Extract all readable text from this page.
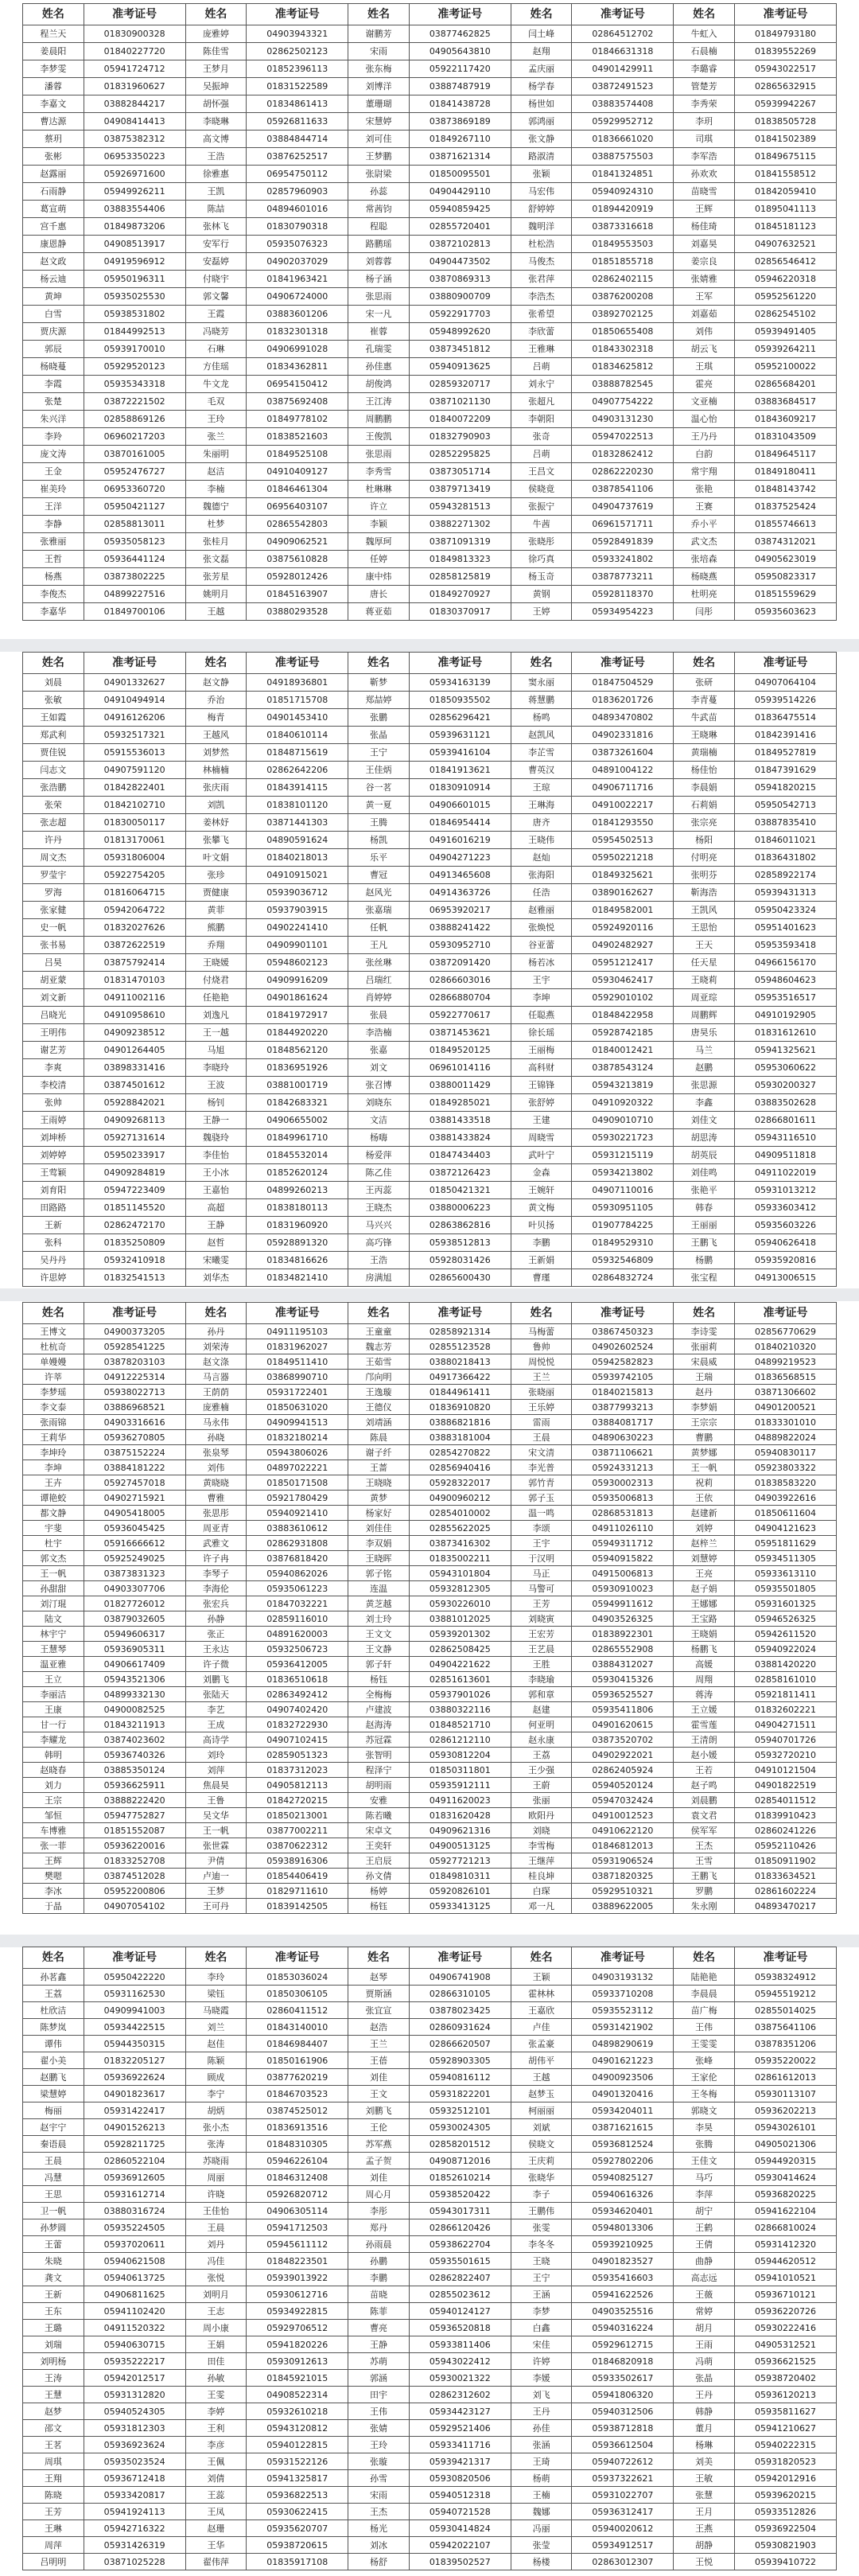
姓名	准考证号	姓名	准考证号	姓名	准考证号	姓名	准考证号	姓名	准考证号
程兰天	01830900328	庞雅婷	04903943321	谢鹏芳	03877462825	闫土峰	02864512702	牛虹入	01849793180
姜晨阳	01840227720	陈佳雪	02862502123	宋雨	04905643810	赵翔	01846631318	石晨楠	01839552269
李梦雯	05941724712	王梦月	01852396113	张东梅	05922117420	孟庆丽	04901429911	李璐睿	05943022517
潘蓉	01831960627	吴振坤	01831522589	刘博洋	03887487919	杨学春	03872491523	管楚芳	02865632915
李嘉文	03882844217	胡怀强	01834861413	董珊瑚	01841438728	杨世如	03883574408	李秀荣	05939942267
曹达源	04908414413	李晓琳	05926811633	宋慧婷	03873869189	郭鸿丽	05929952712	李玥	01838505728
蔡玥	03875382312	高文博	03884844714	刘可佳	01849267110	张文静	01836661020	司琪	01841502389
张彬	06953350223	王浩	03876252517	王梦鹏	03871621314	路淑清	03887575503	李军浩	01849675115
赵露丽	05926971600	徐雅惠	06954750112	张尉梁	01850095501	张颖	01841324851	孙欢欢	01841558512
石雨静	05949926211	王凯	02857960903	孙蕊	04904429110	马宏伟	05940924310	苗晓雪	01842059410
葛宣萌	03883554406	陈喆	04894601016	常茜钧	05940859425	舒婷婷	01894420919	王辉	01895041113
宫千惠	01849873206	张林飞	01830790318	程聪	02855720401	魏明洋	03873316618	杨佳琦	01845181123
康恩静	04908513917	安军行	05935076323	路鹏瑶	03872102813	杜松浩	01849553503	刘嘉昊	04907632521
赵文政	04919596912	安磊婷	04902037029	刘蓉蓉	04904473502	马俊杰	01851855718	姜宗良	02856546412
杨云迪	05950196311	付晓宇	01841963421	杨子涵	03870869313	张君萍	02862402115	张婧雅	05946220318
黄坤	05935025530	郭文馨	04906724000	张思雨	03880900709	李浩杰	03876200208	王军	05952561220
白雪	05938531802	王霞	03883601206	宋一凡	05922917703	张希望	03892702125	刘嘉茹	02862545102
贾庆源	01844992513	冯晓芳	01832301318	崔蓉	05948992620	李欣蕾	01850655408	刘伟	05939491405
郭辰	05939170010	石琳	04906991028	孔瑞雯	03873451812	王雅琳	01843302318	胡云飞	05939264211
杨晓蔓	05929520123	方佳瑶	01834362811	孙佳惠	05940913625	吕萌	01834625812	王琪	05952100022
李霞	05935343318	牛文龙	06954150412	胡俊鸿	02859320717	刘永宁	03888782545	霍亮	02865684201
张楚	03872221502	毛双	03875692408	王江涛	03871021130	张超凡	04907754222	文亚楠	03883684517
朱兴洋	02858869126	王玲	01849778102	周鹏鹏	01840072209	李朝阳	04903131230	温心怡	01843609217
李羚	06960217203	张兰	01838521603	王俊凯	01832790903	张奇	05947022513	王乃丹	01831043509
庞文涛	03870161005	朱丽明	01849525108	张思雨	02852295825	吕萌	01832862412	白韵	01849645117
王金	05952476727	赵洁	04910409127	李秀雪	03873051714	王昌文	02862220230	常宇翔	01849180411
崔美玲	06953360720	李楠	01846461304	杜琳琳	03879713419	侯晓竟	03878541106	张艳	01848143742
王洋	05950421127	魏德宁	06956403107	许立	05943281513	张振宁	04904737619	王赛	01837525424
李静	02858813011	杜梦	02865542803	李颖	03882271302	牛茜	06961571711	乔小平	01855746613
张雅丽	05935058123	张桂月	04909062521	魏厚珂	03871091319	张晓彤	05928491839	武文杰	03874312021
王哲	05936441124	张文磊	03875610828	任婷	01849813323	徐巧真	05933241802	张培森	04905623019
杨燕	03873802225	张芳星	05928012426	康中炜	02858125819	杨玉奇	03878773211	杨晓燕	05950823317
李俊杰	04899227516	姚明月	01845163907	唐长	01849270927	黄钢	05928118370	杜明亮	01851559629
李嘉华	01849700106	王越	03880293528	蒋亚茹	01830370917	王婷	05934954223	闫彤	05935603623
姓名	准考证号	姓名	准考证号	姓名	准考证号	姓名	准考证号	姓名	准考证号
刘晨	04901332627	赵文静	04918936801	靳梦	05934163139	窦永丽	01847504529	张研	04907064104
张敏	04910494914	乔治	01851715708	郑喆婷	01850935502	蒋慧鹏	01836201726	李青蔓	05939514226
王如霞	04916126206	梅青	04901453410	张鹏	02856296421	杨鸣	04893470802	牛武苗	01836475514
郑武利	05932517321	王越风	01840610114	张晶	05939631121	赵凯风	04902331816	王晓琳	01842391416
贾佳锐	05915536013	刘梦然	01848715619	王宁	05939416104	李芷雪	03873261604	黄瑞楠	01849527819
闫志文	04907591120	林楠楠	02862642206	王佳炳	01841913621	曹英汉	04891004122	杨佳怡	01847391629
张浩鹏	01842822401	张庆雨	01843914115	谷一茗	01830910914	王琼	04906711716	李晨娟	05941820215
张荣	01842102710	刘凯	01838101120	黄一夏	04906601015	王琳海	04910022217	石莉娟	05950542713
张志超	01830050117	姜林妤	03871441303	王腾	01846954414	唐齐	01841293550	张宗亮	03887835410
许丹	01813170061	张攀飞	04890591624	杨凯	04916016219	王晓伟	05954502513	杨阳	01846011021
周文杰	05931806004	叶文娟	01840218013	乐平	04904271223	赵灿	05950221218	付明亮	01836431802
罗莹宇	05922754205	张珍	04910915021	曹冠	04913465608	张海阳	01849325621	张明芬	02858922174
罗海	01816064715	贾健康	05939036712	赵风光	04914363726	任浩	03890162627	靳海浩	05939431313
张家健	05942064722	黄菲	05937903915	张嘉瑞	06953920217	赵雅丽	01849582001	王凯风	05950423324
史一帆	01832027626	熊鹏	04902241410	任帆	03888241422	张焕悦	05924920116	王思怡	05951401623
张书易	03872622519	乔翔	04909901101	王凡	05930952710	谷亚蕾	04902482927	王天	05953593418
吕昊	03875792414	王晓媛	05948602123	张丝琳	03872091420	杨若冰	05951212417	任天星	04966156170
胡亚蒙	01831470103	付烧君	04909916209	吕瑞红	02866603016	王宇	05930462417	王晓莉	05948604623
刘文新	04911002116	任艳艳	04901861624	肖婷婷	02866880704	李坤	05929010102	周亚琮	05953516517
吕晓光	04910958610	刘逸凡	01841972917	张晨	05922770617	任聪燕	01848422958	周鹏辉	04910192905
王明伟	04909238512	王一越	01844920220	李浩楠	03871453621	徐长瑶	05928742185	唐昊乐	01831612610
谢艺芳	04901264405	马旭	01848562120	张嘉	01849520125	王丽梅	01840012421	马兰	05941325621
李爽	03898331416	李晓玲	01836951926	刘文	06961014116	高科财	03878543124	赵鹏	05953060622
李校清	03874501612	王波	03881001719	张召博	03880011429	王锦锋	05943213819	张思源	05930200327
张帅	05928842021	杨钊	01842683321	刘晓东	01849285021	张舒婷	04910920322	李鑫	03883502628
王雨婷	04909268113	王静一	04906655002	文洁	03881433518	王建	04909010710	刘佳文	02866801611
刘坤桥	05927131614	魏骁玲	01849961710	杨嗨	03881433824	周晓雪	05930221723	胡思涛	05943116510
刘婷婷	05950233917	李佳怡	01845532014	杨爱萍	01847434403	武叶宁	05931215119	胡英辰	04909511818
王莺颖	04909284819	王小冰	01852620124	陈乙佳	03872126423	金森	05934213802	刘佳鸣	04911022019
刘育阳	05947223409	王嘉怡	04899260213	王丙蕊	01850421321	王婉轩	04907110016	张艳平	05931013212
田路路	01851145520	高超	01838180113	王晓杰	03880006223	黄文梅	05930951105	韩春	05933603412
王新	02862472170	王静	01831960920	马兴兴	02863862816	叶贝扬	01907784225	王丽丽	05935603226
张科	01835250809	赵哲	05928891320	高巧锋	05938512813	李鹏	01849529310	王鹏飞	05940626418
吴丹丹	05932410918	宋曦雯	01834816626	王浩	05928031426	王新娟	05932546809	杨鹏	05935920816
许思婷	01832541513	刘华杰	01834821410	房满旭	02865600430	曹瑾	02864832724	张宝程	04913006515
姓名	准考证号	姓名	准考证号	姓名	准考证号	姓名	准考证号	姓名	准考证号
王博文	04900373205	孙丹	04911195103	王童童	02858921314	马梅蕾	03867450323	李诗雯	02856770629
杜杭奇	05928541225	刘荣涛	01831962027	魏志芳	02855123528	鲁帅	04902602524	张丽莉	01840210320
单嫚嫚	03878203103	赵文涤	01849511410	王茹雪	03880218413	周悦悦	05942582823	宋晨威	04899219523
许莘	04912225314	马言器	03868990710	邝向明	04917366422	王兰	05939742105	王瑞	01836568515
李梦瑶	05938022713	王荫荫	05931722401	王逸璇	01844961411	张晓丽	01840215813	赵丹	03871306602
李文泰	03886968521	庞雅楠	01850631020	王德仪	01836910820	王乐婷	03877993213	李梦娟	04901200521
张雨锦	04903316616	马永伟	04909941513	刘靖涵	03886821816	雷雨	03884081717	王宗宗	01833301010
王莉华	05936270805	孙晓	01832180214	陈晨	03883181004	王晨	04890630223	曹鹏	04889822024
李坤玲	03875152224	张泉琴	05943806026	谢子纤	02854270822	宋文清	03871106621	黄梦娜	05940830117
李坤	03884181222	刘伟	04897022221	王蔷	02856940416	李光普	05924331213	王一帆	05923803322
王卉	05927457018	黄晓晓	01850171508	王晓晓	05928322017	郭竹青	05930002313	祝莉	01838583220
谭艳蛟	04902715921	曹雅	05921780429	黄梦	04900960212	郭子玉	05935006813	王依	04903922616
都文静	04905418005	张思彤	05940921410	杨家好	02854010002	温一鸣	02868531813	赵建新	01850611604
宇斐	05936045425	周亚青	03883610612	刘佳佳	02855622025	李颂	04911026110	刘婷	04904121623
杜宇	05916666612	武雅文	02862931808	李双娟	03873416302	王宇	05949311712	赵梓兰	05951811629
郭文杰	05925249025	许子冉	03876818420	王晓晖	01835002211	于汉明	05940915822	刘慧婷	05934511305
王一帆	03873831323	李琴子	05940862026	郭子铭	05943101804	马正	04915006813	王亮	05933613110
孙甜甜	04903307706	李海伦	05935061223	连温	05932812305	马警可	05930910023	赵子娟	05935501805
刘汀琨	01827726012	张宏兵	01847032221	黄芝越	05930226010	王芳	05949911612	王娜娜	05931601325
陆文	03879032605	孙静	02859116010	刘士玲	03881012025	刘晓寅	04903526325	王宝路	05946526325
林宇宁	05949606317	张正	04891620003	王文文	05939201302	王宏芳	01838922301	王晓娟	05942611520
王慧琴	05936905311	王永达	05932506723	王文静	02862508425	王艺晨	02865552908	杨鹏飞	05940922024
温亚雅	04906617409	许子微	05936412005	郭子轩	04904221622	王胜	03884312027	高媛	03881420220
王立	05943521306	刘鹏飞	01836510618	杨钰	02851613601	李晓瑜	05930415326	周翔	02858161010
李丽洁	04899332130	张陆天	02863492412	全梅梅	05937901026	郭和章	05936525527	蒋涛	05921811411
王康	04900082525	李艺	04907402420	卢建波	03880322116	赵建	05935411806	王立媛	01832602221
甘一行	01843211913	王成	01832722930	赵海涛	01848521710	何亚明	04901620615	霍雪莲	04904271511
李耀龙	03874023602	高诗学	04907102415	苏冠霖	02861212110	赵永康	03873520702	王清朗	05940701726
韩明	05936740326	刘玲	02859051323	张智明	05930812204	王荔	04902922021	赵小媛	05932720210
赵晓春	03885350124	刘萍	01837312023	程泽宁	01850311801	王少强	02862405924	王若	04910121504
刘力	05936625911	焦晨昊	04905812113	胡明雨	05935912111	王蔚	05940520124	赵子鸣	04901822519
王宗	03888222420	王鲁	01842720215	安雅	04911620023	张丽	05947032424	刘晨鹏	02854011512
邹恒	05947752827	吴文华	01850213001	陈若曦	01831620428	欧阳丹	04910012523	袁文君	01839910423
车博雅	01851552087	王一帆	03877002211	宋卓文	04909621316	刘晓	04910622120	侯军军	02860241226
张一菲	05936220016	张世霖	03870622312	王奕轩	04900513125	李雪梅	01846812013	王杰	05952110426
王辉	01833252708	尹倩	05938916306	王启辰	05927721213	王继萍	05931906524	王雪	01850911902
樊嗯	03874512028	卢迪一	01854406419	孙文倩	01849810311	桂良坤	03871820325	王鹏飞	01833634521
李冰	05952200806	王梦	01829711610	杨婷	05920826101	白琛	05929510321	罗鹏	02861602224
于晶	04907054102	王可丹	01839142505	杨钰	05933413125	邓一凡	03889622005	朱永刚	04893470217
姓名	准考证号	姓名	准考证号	姓名	准考证号	姓名	准考证号	姓名	准考证号
孙茗鑫	05950422220	李玲	01853036024	赵琴	04906741908	王颖	04903193132	陆艳艳	05938324912
王荔	05931162530	梁钰	01850306105	贾斯涵	02866310105	霍林林	05933710208	李晨晨	05945519212
杜欣洁	04909941003	马晓霞	02860411512	张宜宣	03878023425	王嘉欣	05935523112	苗广梅	02855014025
陈梦岚	05934422515	刘兰	01843140010	赵浩	02860931624	卢佳	05931421902	王伟	03875641106
谭伟	05944350315	赵佳	01846984407	王兰	02866620507	张孟豪	04898290619	王雯雯	03878351206
翟小美	01832205127	陈颖	01850161906	王蓓	05928903305	胡伟平	04901621223	张峰	05935220022
赵鹏飞	05936922624	顾成	03877620219	刘佳	05940816112	王越	04900923506	王家伦	02861612013
梁慧婷	04901823617	李宁	01846703523	王文	05931822201	赵梦玉	04901320416	王冬梅	05930113107
梅丽	05931422417	胡炳	03874525012	刘鹏飞	05932512101	柯丽丽	05934204011	郭晓文	05936202213
赵宇宁	04901526213	张小杰	01836913516	王伦	05930024305	刘斌	03871621615	李昊	05943026101
秦语晨	05928211725	张涛	01848310305	苏军燕	02858201512	侯晓文	05936812524	张腾	04905021306
王晨	02860522104	苏晓雨	05946226104	孟子贺	04908712016	王庆莉	05927802206	王佳文	05944920315
冯慧	05936912605	周丽	01846312408	刘佳	01852610214	张晓华	05940825127	马巧	05930414624
王思	05931612714	许晓	05926820712	周心月	05938520422	李子	05940616326	李萍	05936820225
卫一帆	03880316724	王佳怡	04906305114	李彤	05943017311	王鹏伟	05934620401	胡宁	05941622104
孙梦圆	05935224505	王晨	05941712503	郑丹	02866120426	张雯	05948013306	王鹤	02866810024
王蕾	05937020611	刘丹	05945611112	孙雨晨	05938622704	李冬冬	05939210925	王倩	05931412320
朱晓	05940621508	冯佳	01848223501	孙鹏	05935501615	王晓	04901823527	曲静	05944620512
龚文	05940613725	张悦	05939013922	李鹏	02862822407	王宁	05935416603	高志远	05941010521
王新	04906811625	刘明月	05930612716	苗晓	02855023612	王涵	05941622526	王薇	05936710121
王东	05941102420	王志	05934922815	陈菲	05940124127	李梦	04903525516	常婷	05936220726
王璐	04911520322	周小康	05929706512	曹亮	05936520818	白鑫	05940316224	胡月	05930222416
刘瑞	05940630715	王娟	05941820226	王静	05933811406	宋佳	05929612715	王雨	04905312521
刘明杨	05935222217	田佳	05930912613	苏萌	05943022412	许婷	01846820918	冯萌	05936621525
王涛	05942012517	孙敏	01845921015	郭涵	05930021322	李媛	05933502617	张晶	05938720402
王慧	05931312820	王雯	04908522314	田宇	02862312602	刘飞	05941806320	王丹	05936120213
赵梦	05940524305	李婷	05932610218	王伟	05934423127	王丹	05940312506	韩静	05935811627
邵文	05931812303	王利	05943120812	张婧	05929521406	孙佳	05938712818	董月	05941210627
王茗	05936923624	李彦	05940122815	王玲	05933411716	张涵	05936612504	杨琳	05940222315
周琪	05935023524	王佩	05931522126	张璇	05939421317	王琦	05940722612	刘美	05931820523
王翔	05936712418	刘倩	05941325817	孙雪	05930820506	杨萌	05937322621	王敏	05942012916
陈晓	05933420817	王蕊	05936822513	宋雨	05940512318	王楠	05931022707	张慧	05939620215
王芳	05941924113	王凤	05930622415	王杰	05940721528	魏娜	05936312417	王月	05933512826
王琳	05942716322	赵珊	05935620707	杨光	05930414824	冯丽	05940020612	王燕	05936922504
周萍	05931426319	王华	05938720615	刘冰	05942022107	张莹	05934912517	胡静	05930821903
吕明明	03871025228	翟伟萍	01835917108	杨舒	01839502527	杨楼	02863012307	王悦	05939410722
